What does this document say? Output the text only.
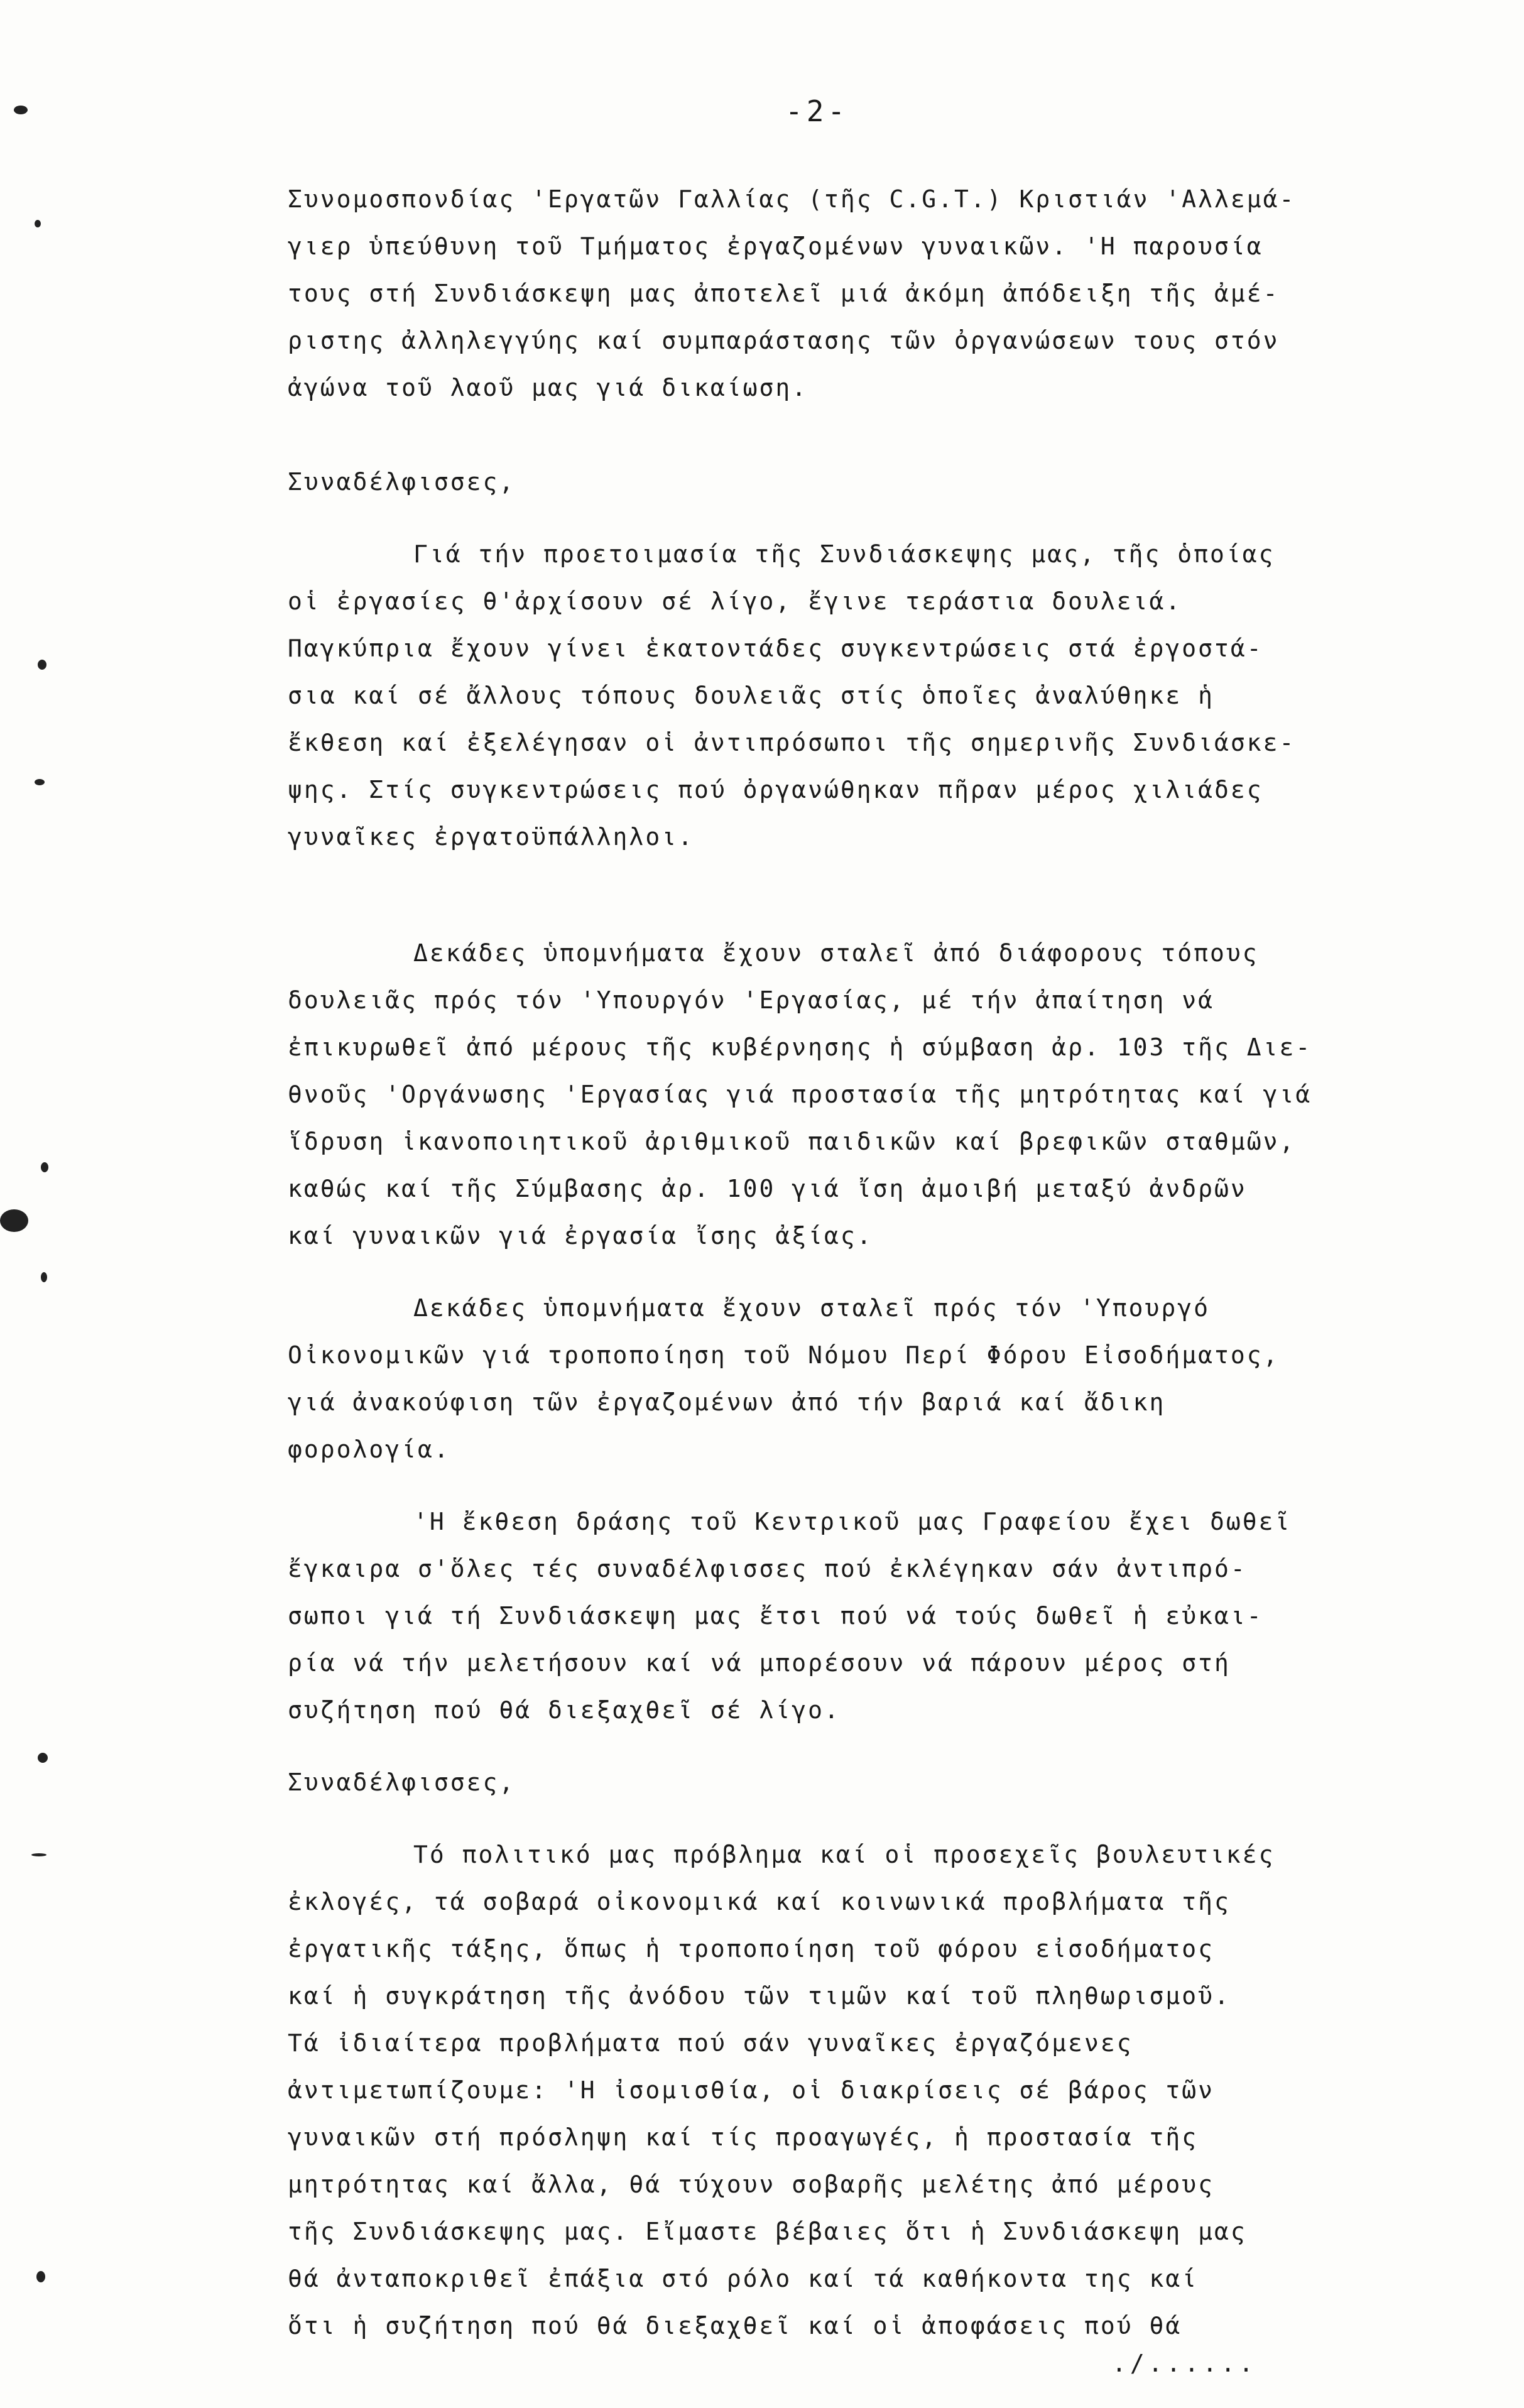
-2-
Συνομοσπονδίας 'Εργατῶν Γαλλίας (τῆς C.G.T.) Κριστιάν 'Αλλεμά-
γιερ ὑπεύθυνη τοῦ Τμήματος ἐργαζομένων γυναικῶν. 'Η παρουσία
τους στή Συνδιάσκεψη μας ἀποτελεῖ μιά ἀκόμη ἀπόδειξη τῆς ἀμέ-
ριστης ἀλληλεγγύης καί συμπαράστασης τῶν ὀργανώσεων τους στόν
ἀγώνα τοῦ λαοῦ μας γιά δικαίωση.
Συναδέλφισσες,
Γιά τήν προετοιμασία τῆς Συνδιάσκεψης μας, τῆς ὁποίας
οἱ ἐργασίες θ'ἀρχίσουν σέ λίγο, ἔγινε τεράστια δουλειά.
Παγκύπρια ἔχουν γίνει ἑκατοντάδες συγκεντρώσεις στά ἐργοστά-
σια καί σέ ἄλλους τόπους δουλειᾶς στίς ὁποῖες ἀναλύθηκε ἡ
ἔκθεση καί ἐξελέγησαν οἱ ἀντιπρόσωποι τῆς σημερινῆς Συνδιάσκε-
ψης. Στίς συγκεντρώσεις πού ὀργανώθηκαν πῆραν μέρος χιλιάδες
γυναῖκες ἐργατοϋπάλληλοι.
Δεκάδες ὑπομνήματα ἔχουν σταλεῖ ἀπό διάφορους τόπους
δουλειᾶς πρός τόν 'Υπουργόν 'Εργασίας, μέ τήν ἀπαίτηση νά
ἐπικυρωθεῖ ἀπό μέρους τῆς κυβέρνησης ἡ σύμβαση ἀρ. 103 τῆς Διε-
θνοῦς 'Οργάνωσης 'Εργασίας γιά προστασία τῆς μητρότητας καί γιά
ἵδρυση ἱκανοποιητικοῦ ἀριθμικοῦ παιδικῶν καί βρεφικῶν σταθμῶν,
καθώς καί τῆς Σύμβασης ἀρ. 100 γιά ἴση ἀμοιβή μεταξύ ἀνδρῶν
καί γυναικῶν γιά ἐργασία ἴσης ἀξίας.
Δεκάδες ὑπομνήματα ἔχουν σταλεῖ πρός τόν 'Υπουργό
Οἰκονομικῶν γιά τροποποίηση τοῦ Νόμου Περί Φόρου Εἰσοδήματος,
γιά ἀνακούφιση τῶν ἐργαζομένων ἀπό τήν βαριά καί ἄδικη
φορολογία.
'Η ἔκθεση δράσης τοῦ Κεντρικοῦ μας Γραφείου ἔχει δωθεῖ
ἔγκαιρα σ'ὅλες τές συναδέλφισσες πού ἐκλέγηκαν σάν ἀντιπρό-
σωποι γιά τή Συνδιάσκεψη μας ἔτσι πού νά τούς δωθεῖ ἡ εὐκαι-
ρία νά τήν μελετήσουν καί νά μπορέσουν νά πάρουν μέρος στή
συζήτηση πού θά διεξαχθεῖ σέ λίγο.
Συναδέλφισσες,
Τό πολιτικό μας πρόβλημα καί οἱ προσεχεῖς βουλευτικές
ἐκλογές, τά σοβαρά οἰκονομικά καί κοινωνικά προβλήματα τῆς
ἐργατικῆς τάξης, ὅπως ἡ τροποποίηση τοῦ φόρου εἰσοδήματος
καί ἡ συγκράτηση τῆς ἀνόδου τῶν τιμῶν καί τοῦ πληθωρισμοῦ.
Τά ἰδιαίτερα προβλήματα πού σάν γυναῖκες ἐργαζόμενες
ἀντιμετωπίζουμε: 'Η ἰσομισθία, οἱ διακρίσεις σέ βάρος τῶν
γυναικῶν στή πρόσληψη καί τίς προαγωγές, ἡ προστασία τῆς
μητρότητας καί ἄλλα, θά τύχουν σοβαρῆς μελέτης ἀπό μέρους
τῆς Συνδιάσκεψης μας. Εἴμαστε βέβαιες ὅτι ἡ Συνδιάσκεψη μας
θά ἀνταποκριθεῖ ἐπάξια στό ρόλο καί τά καθήκοντα της καί
ὅτι ἡ συζήτηση πού θά διεξαχθεῖ καί οἱ ἀποφάσεις πού θά
./......
